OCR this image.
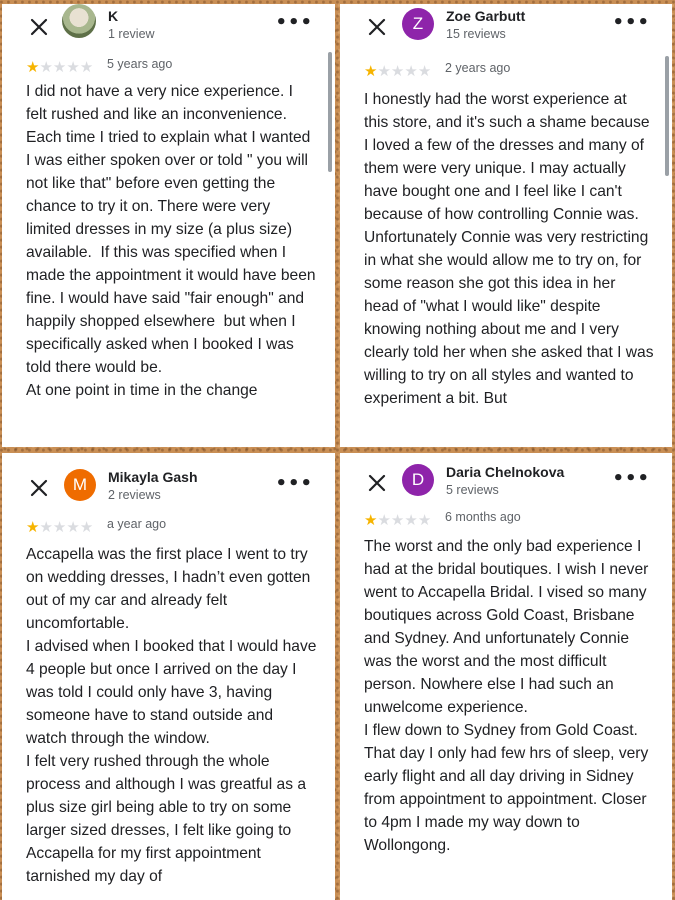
K
1 review
•••
★★★★★ 5 years ago
I did not have a very nice experience. I felt rushed and like an inconvenience. Each time I tried to explain what I wanted I was either spoken over or told " you will  not like that" before even getting the chance to try it on. There were very limited dresses in my size (a plus size) available.  If this was specified when I made the appointment it would have been fine. I would have said "fair enough" and happily shopped elsewhere  but when I specifically asked when I booked I was told there would be.
At one point in time in the change
Z	Zoe Garbutt
15 reviews
•••
★★★★★ 2 years ago
I honestly had the worst experience at this store, and it's such a shame because I loved a few of the dresses and many of them were very unique. I may actually have bought one and I feel like I can't because of how controlling Connie was. Unfortunately Connie was very restricting in what she would allow me to try on, for some reason she got this idea in her head of "what I would like" despite knowing nothing about me and I very clearly told her when she asked that I was willing to try on all styles and wanted to experiment a bit. But
M	Mikayla Gash
2 reviews
•••
★★★★★ a year ago
Accapella was the first place I went to try on wedding dresses, I hadn’t even gotten out of my car and already felt uncomfortable.
I advised when I booked that I would have 4 people but once I arrived on the day I was told I could only have 3, having someone have to stand outside and watch through the window.
I felt very rushed through the whole process and although I was greatful as a plus size girl being able to try on some larger sized dresses, I felt like going to Accapella for my first appointment tarnished my day of
D	Daria Chelnokova
5 reviews
•••
★★★★★ 6 months ago
The worst and the only bad experience I had at the bridal boutiques. I wish I never went to Accapella Bridal. I vised so many boutiques across Gold Coast, Brisbane and Sydney. And unfortunately Connie was the worst and the most difficult person. Nowhere else I had such an unwelcome experience.
I flew down to Sydney from Gold Coast. That day I only had few hrs of sleep, very early flight and all day driving in Sidney from appointment to appointment. Closer to 4pm I made my way down to Wollongong.
